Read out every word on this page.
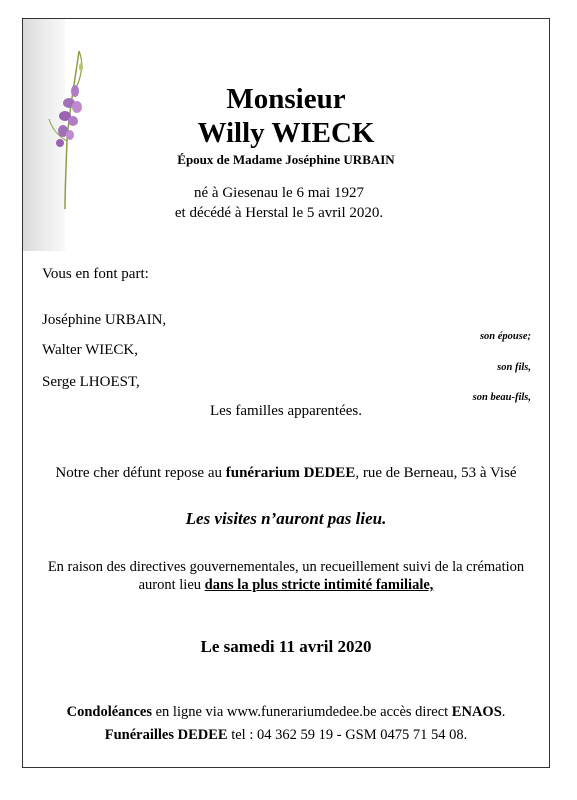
Monsieur
Willy WIECK
Époux de Madame Joséphine URBAIN
né à Giesenau le 6 mai 1927
et décédé à Herstal le 5 avril 2020.
Vous en font part:
Joséphine URBAIN,
son épouse;
Walter WIECK,
son fils,
Serge LHOEST,
son beau-fils,
Les familles apparentées.
Notre cher défunt repose au funérarium DEDEE, rue de Berneau, 53 à Visé
Les visites n’auront pas lieu.
En raison des directives gouvernementales, un recueillement suivi de la crémation
auront lieu dans la plus stricte intimité familiale,
Le samedi 11 avril 2020
Condoléances en ligne via www.funerariumdedee.be accès direct ENAOS.
Funérailles DEDEE tel : 04 362 59 19 - GSM 0475 71 54 08.
